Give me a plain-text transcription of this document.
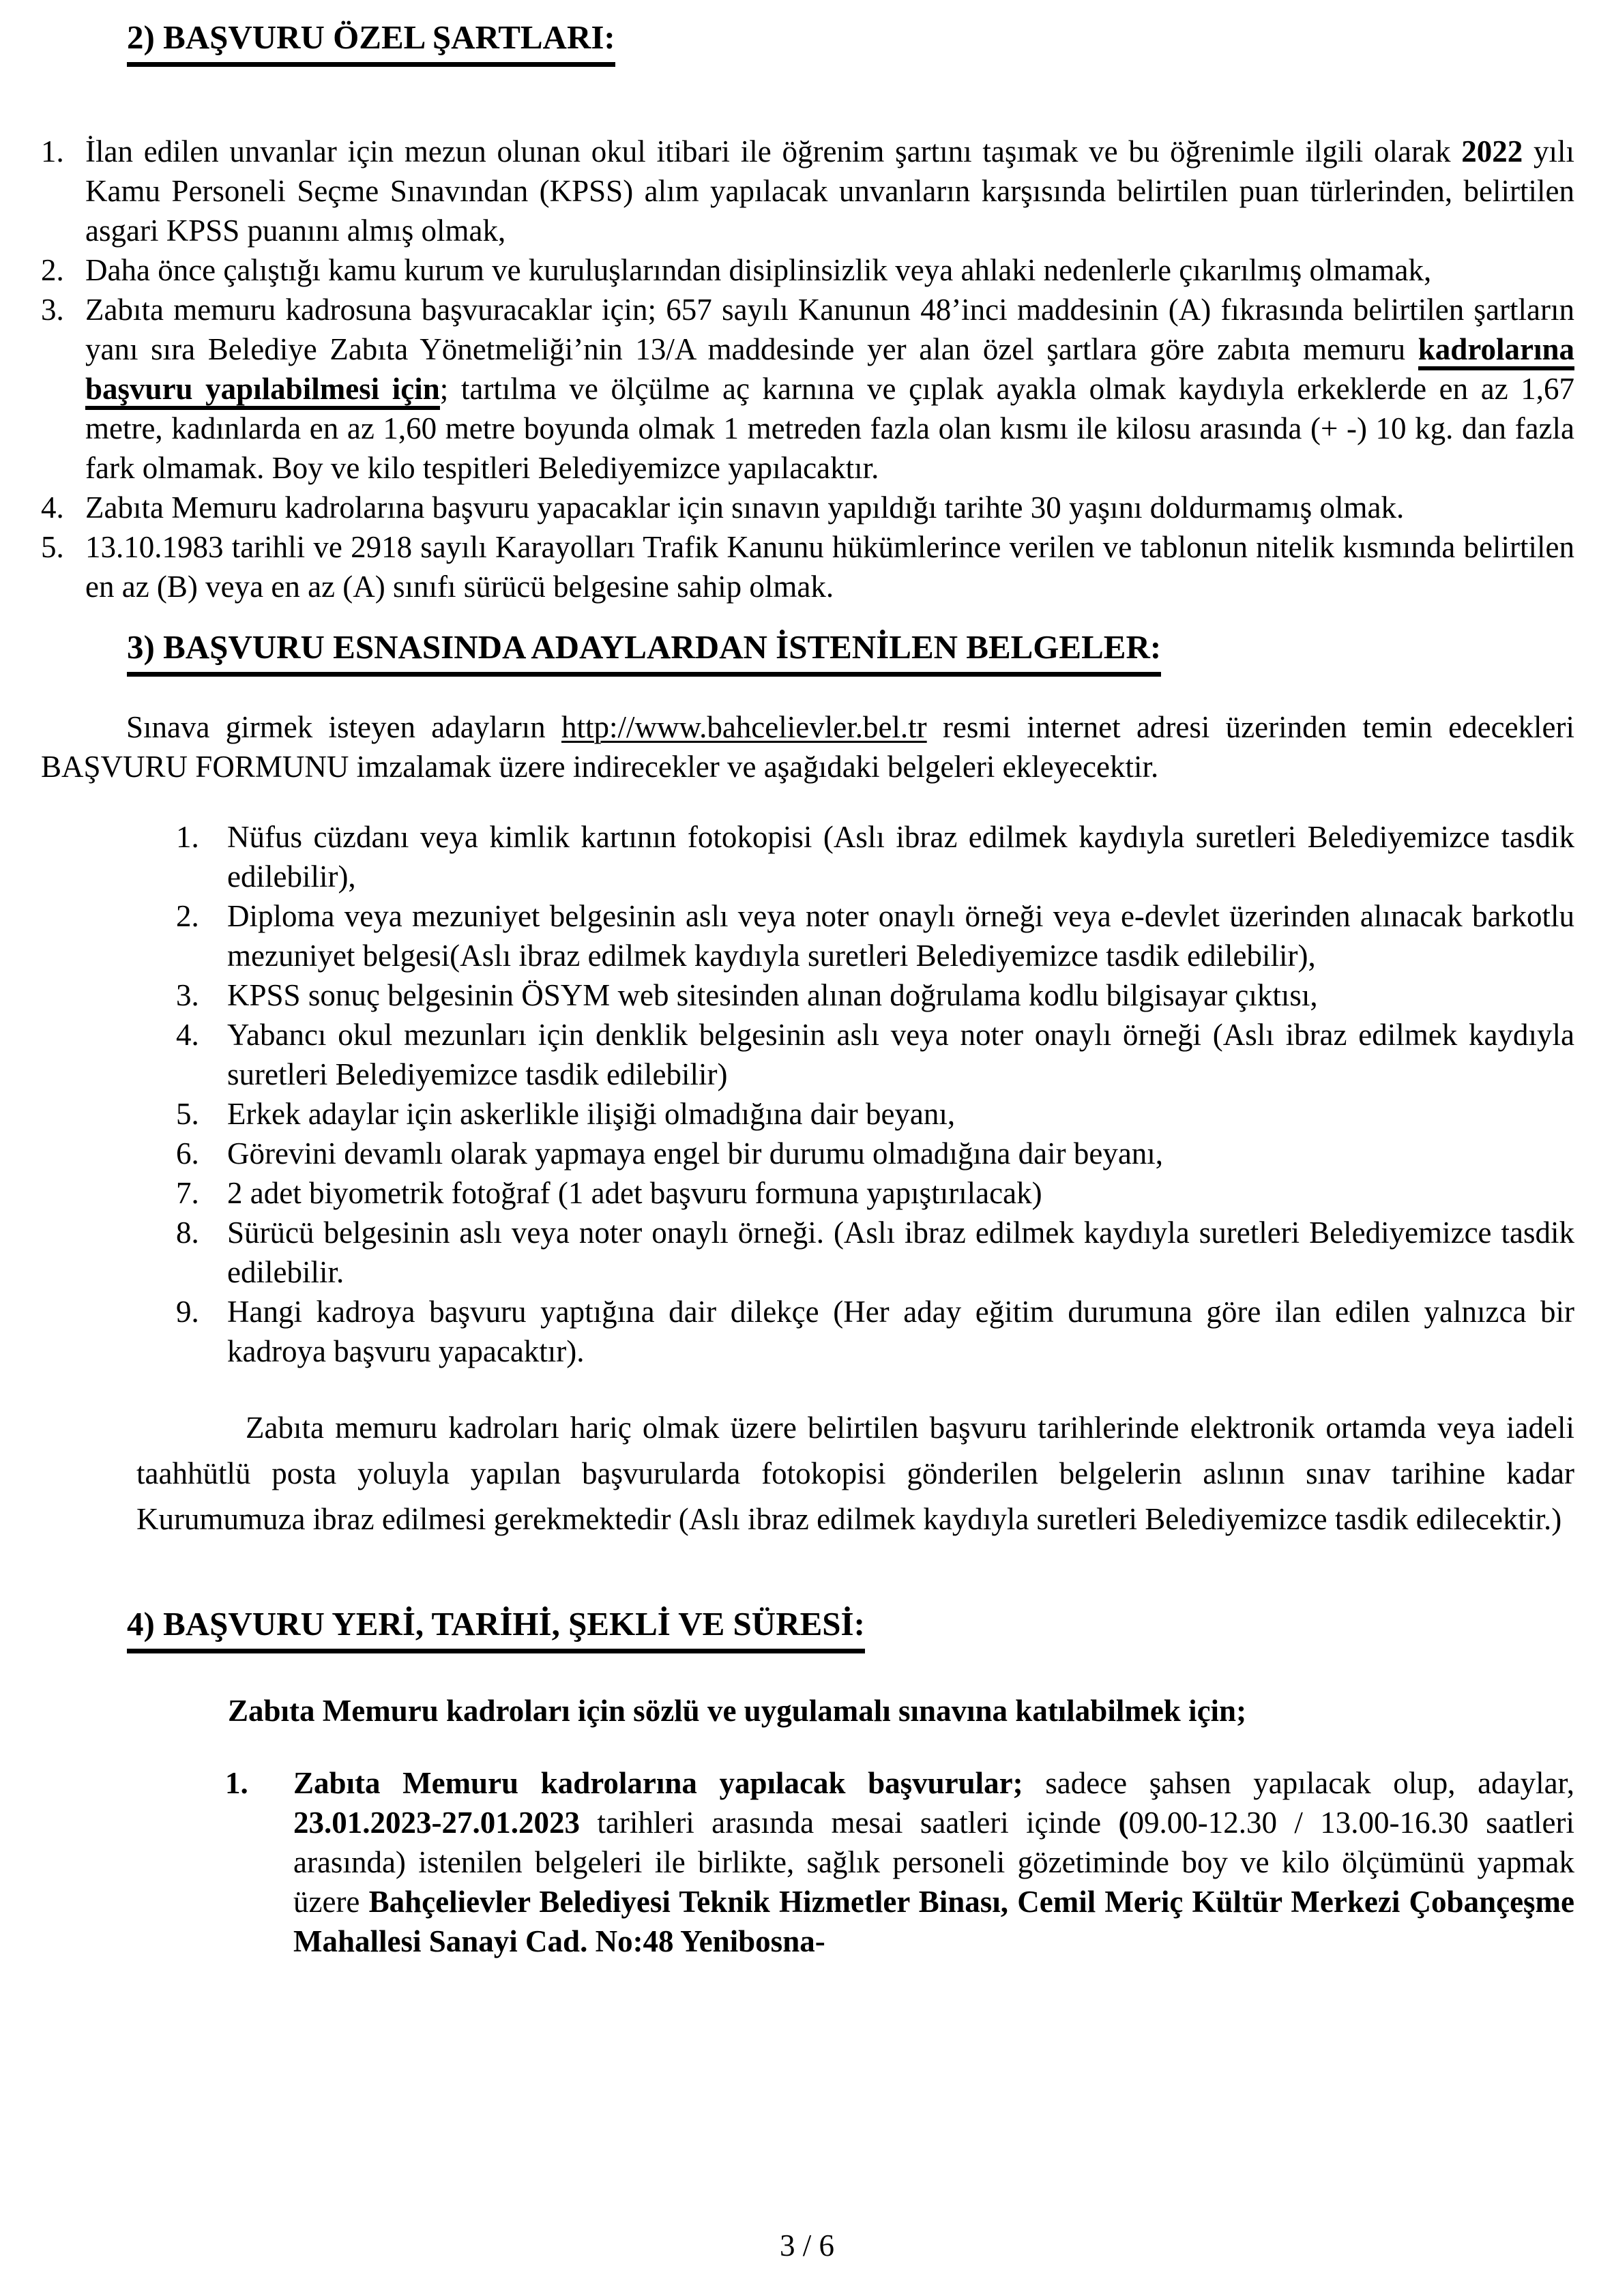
2) BAŞVURU ÖZEL ŞARTLARI:
1. İlan edilen unvanlar için mezun olunan okul itibari ile öğrenim şartını taşımak ve bu öğrenimle ilgili olarak 2022 yılı Kamu Personeli Seçme Sınavından (KPSS) alım yapılacak unvanların karşısında belirtilen puan türlerinden, belirtilen asgari KPSS puanını almış olmak,
2. Daha önce çalıştığı kamu kurum ve kuruluşlarından disiplinsizlik veya ahlaki nedenlerle çıkarılmış olmamak,
3. Zabıta memuru kadrosuna başvuracaklar için; 657 sayılı Kanunun 48’inci maddesinin (A) fıkrasında belirtilen şartların yanı sıra Belediye Zabıta Yönetmeliği’nin 13/A maddesinde yer alan özel şartlara göre zabıta memuru kadrolarına başvuru yapılabilmesi için; tartılma ve ölçülme aç karnına ve çıplak ayakla olmak kaydıyla erkeklerde en az 1,67 metre, kadınlarda en az 1,60 metre boyunda olmak 1 metreden fazla olan kısmı ile kilosu arasında (+ -) 10 kg. dan fazla fark olmamak. Boy ve kilo tespitleri Belediyemizce yapılacaktır.
4. Zabıta Memuru kadrolarına başvuru yapacaklar için sınavın yapıldığı tarihte 30 yaşını doldurmamış olmak.
5. 13.10.1983 tarihli ve 2918 sayılı Karayolları Trafik Kanunu hükümlerince verilen ve tablonun nitelik kısmında belirtilen en az (B) veya en az (A) sınıfı sürücü belgesine sahip olmak.
3) BAŞVURU ESNASINDA ADAYLARDAN İSTENİLEN BELGELER:

Sınava girmek isteyen adayların http://www.bahcelievler.bel.tr resmi internet adresi üzerinden temin edecekleri BAŞVURU FORMUNU imzalamak üzere indirecekler ve aşağıdaki belgeleri ekleyecektir.

1. Nüfus cüzdanı veya kimlik kartının fotokopisi (Aslı ibraz edilmek kaydıyla suretleri Belediyemizce tasdik edilebilir),
2. Diploma veya mezuniyet belgesinin aslı veya noter onaylı örneği veya e-devlet üzerinden alınacak barkotlu mezuniyet belgesi(Aslı ibraz edilmek kaydıyla suretleri Belediyemizce tasdik edilebilir),
3. KPSS sonuç belgesinin ÖSYM web sitesinden alınan doğrulama kodlu bilgisayar çıktısı,
4. Yabancı okul mezunları için denklik belgesinin aslı veya noter onaylı örneği (Aslı ibraz edilmek kaydıyla suretleri Belediyemizce tasdik edilebilir)
5. Erkek adaylar için askerlikle ilişiği olmadığına dair beyanı,
6. Görevini devamlı olarak yapmaya engel bir durumu olmadığına dair beyanı,
7. 2 adet biyometrik fotoğraf (1 adet başvuru formuna yapıştırılacak)
8. Sürücü belgesinin aslı veya noter onaylı örneği. (Aslı ibraz edilmek kaydıyla suretleri Belediyemizce tasdik edilebilir.
9. Hangi kadroya başvuru yaptığına dair dilekçe (Her aday eğitim durumuna göre ilan edilen yalnızca bir kadroya başvuru yapacaktır).

Zabıta memuru kadroları hariç olmak üzere belirtilen başvuru tarihlerinde elektronik ortamda veya iadeli taahhütlü posta yoluyla yapılan başvurularda fotokopisi gönderilen belgelerin aslının sınav tarihine kadar Kurumumuza ibraz edilmesi gerekmektedir (Aslı ibraz edilmek kaydıyla suretleri Belediyemizce tasdik edilecektir.)

4) BAŞVURU YERİ, TARİHİ, ŞEKLİ VE SÜRESİ:

Zabıta Memuru kadroları için sözlü ve uygulamalı sınavına katılabilmek için;

1. Zabıta Memuru kadrolarına yapılacak başvurular; sadece şahsen yapılacak olup, adaylar, 23.01.2023-27.01.2023 tarihleri arasında mesai saatleri içinde (09.00-12.30 / 13.00-16.30 saatleri arasında) istenilen belgeleri ile birlikte, sağlık personeli gözetiminde boy ve kilo ölçümünü yapmak üzere Bahçelievler Belediyesi Teknik Hizmetler Binası, Cemil Meriç Kültür Merkezi Çobançeşme Mahallesi Sanayi Cad. No:48 Yenibosna-
3 / 6
